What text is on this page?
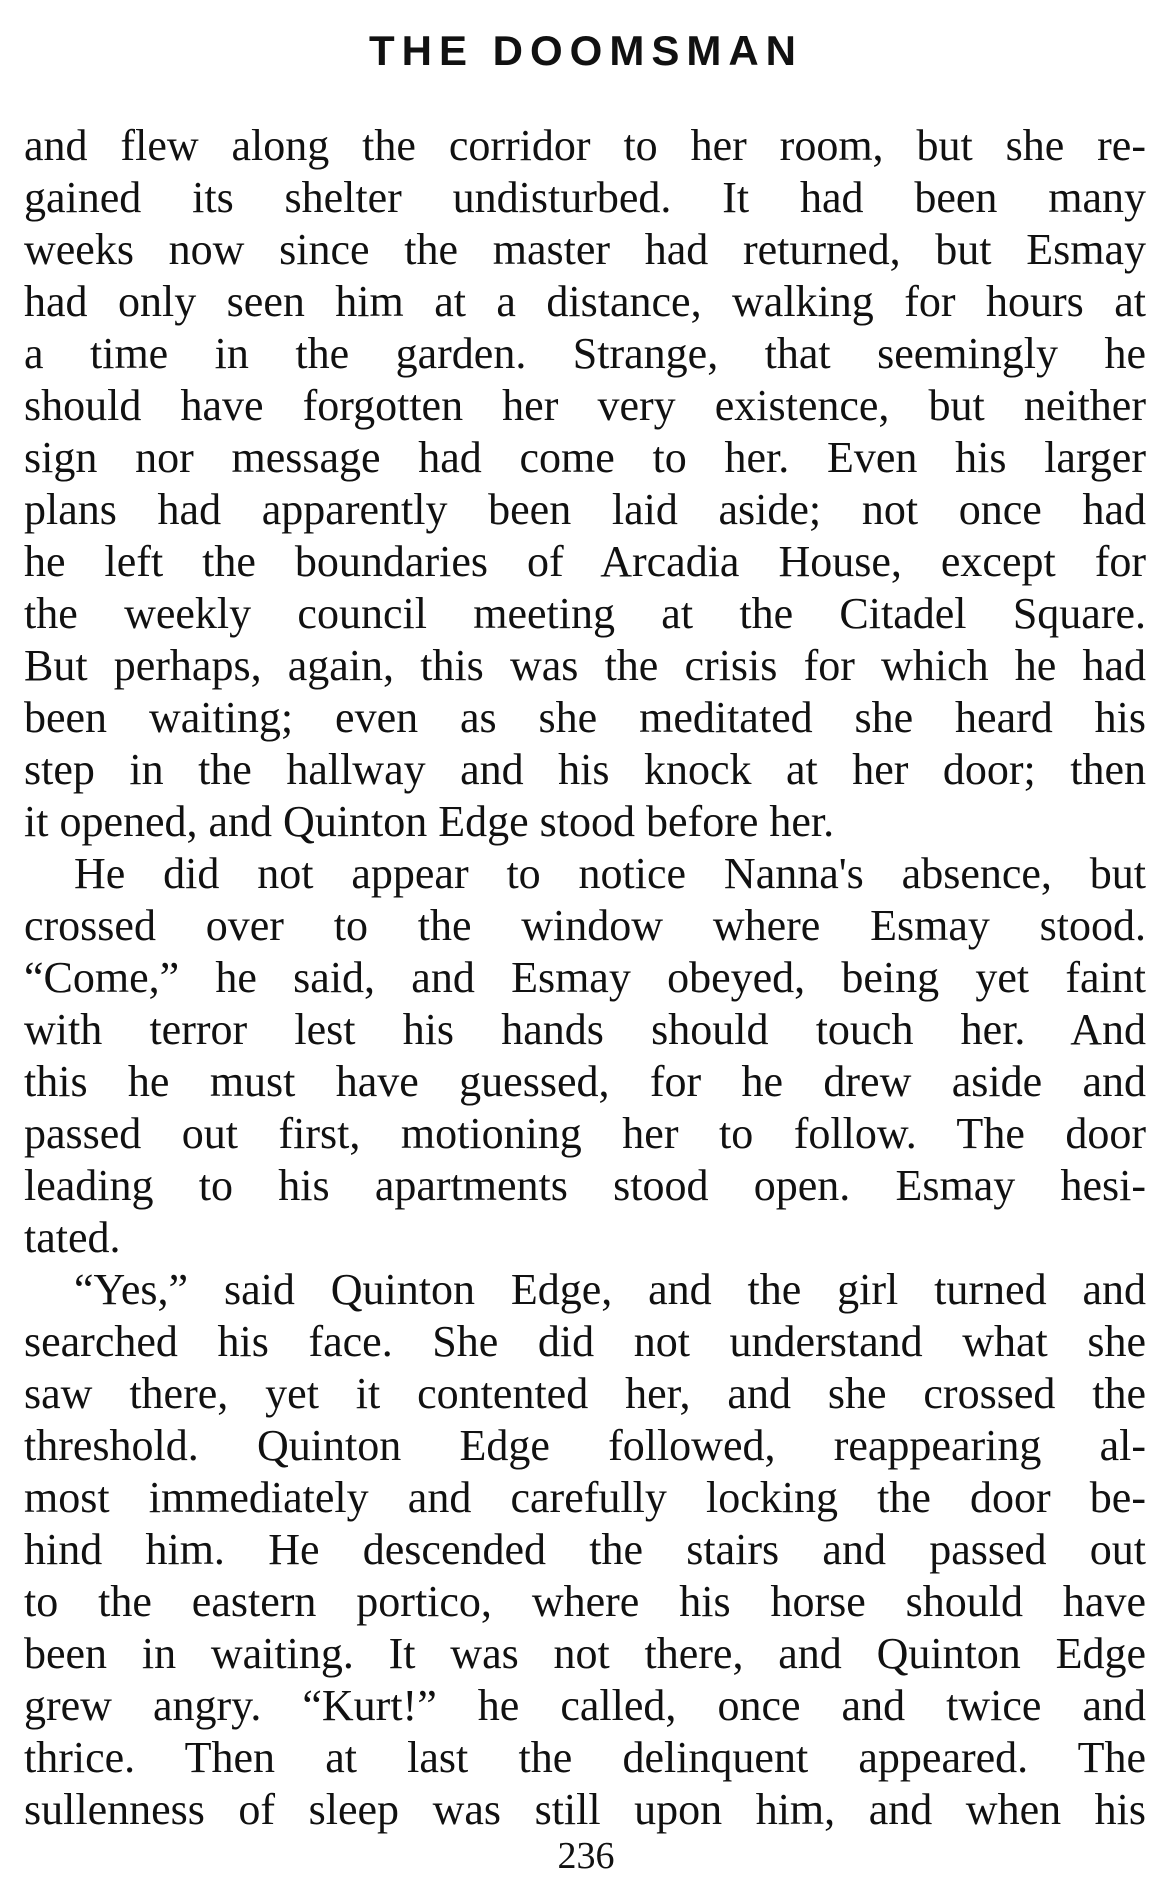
THE DOOMSMAN
and flew along the corridor to her room, but she re-
gained its shelter undisturbed. It had been many
weeks now since the master had returned, but Esmay
had only seen him at a distance, walking for hours at
a time in the garden. Strange, that seemingly he
should have forgotten her very existence, but neither
sign nor message had come to her. Even his larger
plans had apparently been laid aside; not once had
he left the boundaries of Arcadia House, except for
the weekly council meeting at the Citadel Square.
But perhaps, again, this was the crisis for which he had
been waiting; even as she meditated she heard his
step in the hallway and his knock at her door; then
it opened, and Quinton Edge stood before her.
He did not appear to notice Nanna's absence, but
crossed over to the window where Esmay stood.
“Come,” he said, and Esmay obeyed, being yet faint
with terror lest his hands should touch her. And
this he must have guessed, for he drew aside and
passed out first, motioning her to follow. The door
leading to his apartments stood open. Esmay hesi-
tated.
“Yes,” said Quinton Edge, and the girl turned and
searched his face. She did not understand what she
saw there, yet it contented her, and she crossed the
threshold. Quinton Edge followed, reappearing al-
most immediately and carefully locking the door be-
hind him. He descended the stairs and passed out
to the eastern portico, where his horse should have
been in waiting. It was not there, and Quinton Edge
grew angry. “Kurt!” he called, once and twice and
thrice. Then at last the delinquent appeared. The
sullenness of sleep was still upon him, and when his
236
